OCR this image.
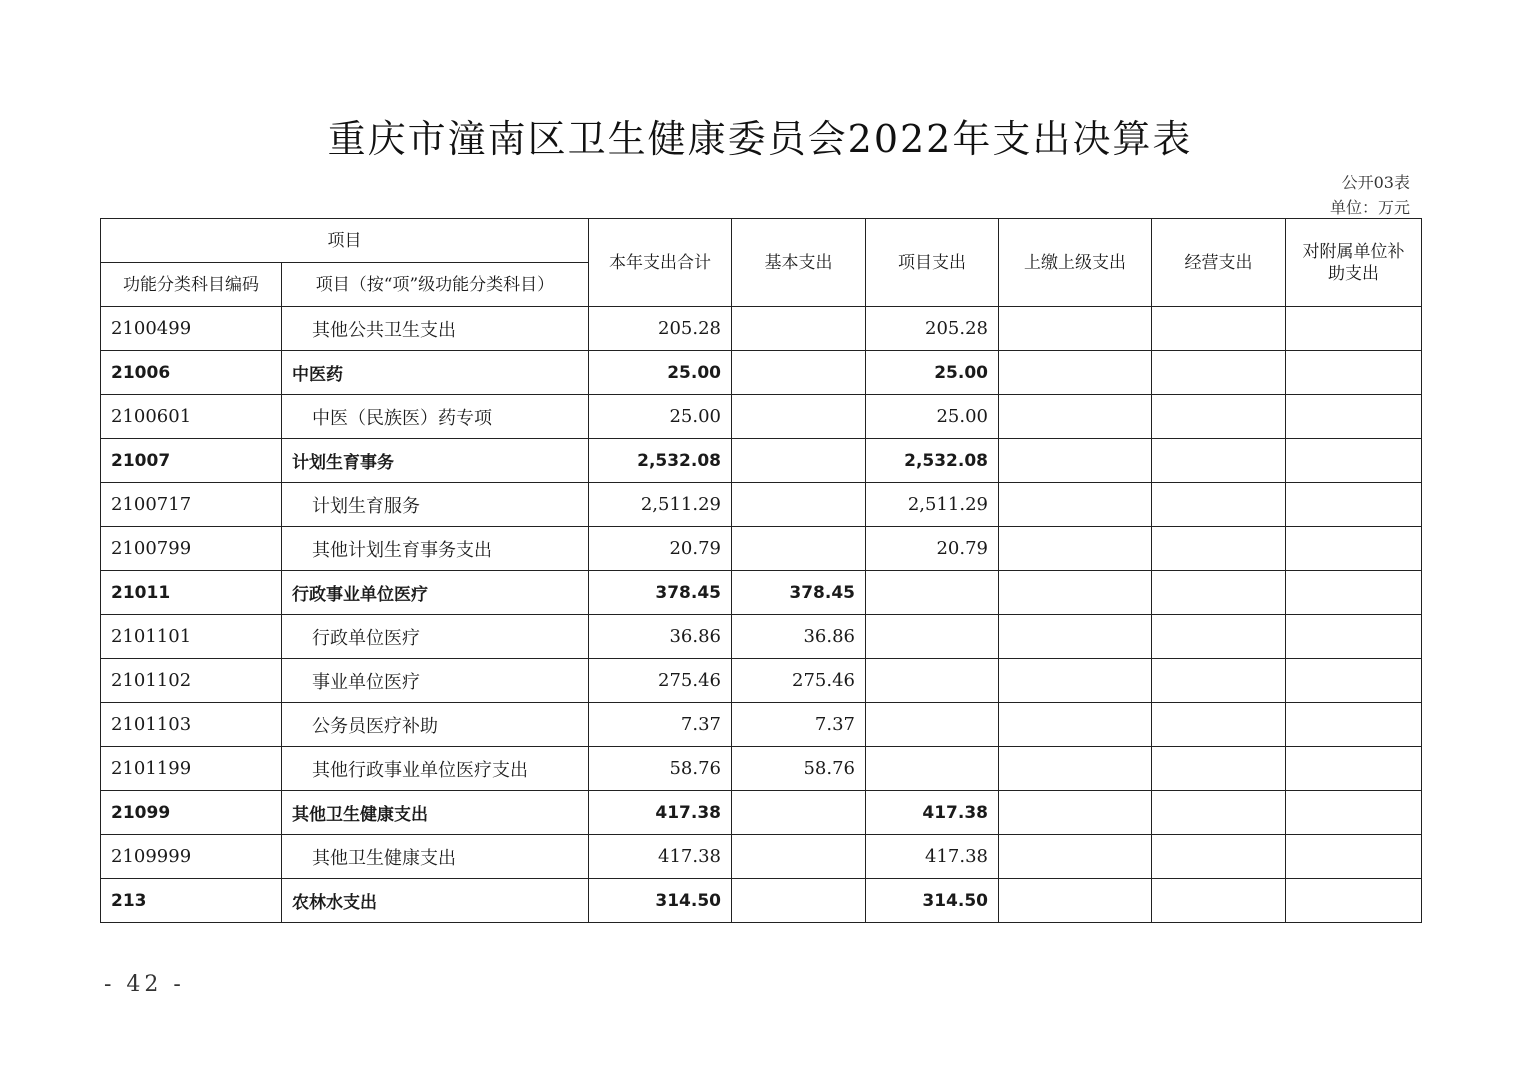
重庆市潼南区卫生健康委员会2022年支出决算表
公开03表
单位：万元
项目		本年支出合计	基本支出	项目支出	上缴上级支出	经营支出	对附属单位补助支出
功能分类科目编码	项目（按“项”级功能分类科目）						
2100499	其他公共卫生支出	205.28		205.28			
21006	中医药	25.00		25.00			
2100601	中医（民族医）药专项	25.00		25.00			
21007	计划生育事务	2,532.08		2,532.08			
2100717	计划生育服务	2,511.29		2,511.29			
2100799	其他计划生育事务支出	20.79		20.79			
21011	行政事业单位医疗	378.45	378.45				
2101101	行政单位医疗	36.86	36.86				
2101102	事业单位医疗	275.46	275.46				
2101103	公务员医疗补助	7.37	7.37				
2101199	其他行政事业单位医疗支出	58.76	58.76				
21099	其他卫生健康支出	417.38		417.38			
2109999	其他卫生健康支出	417.38		417.38			
213	农林水支出	314.50		314.50			
- 42 -
